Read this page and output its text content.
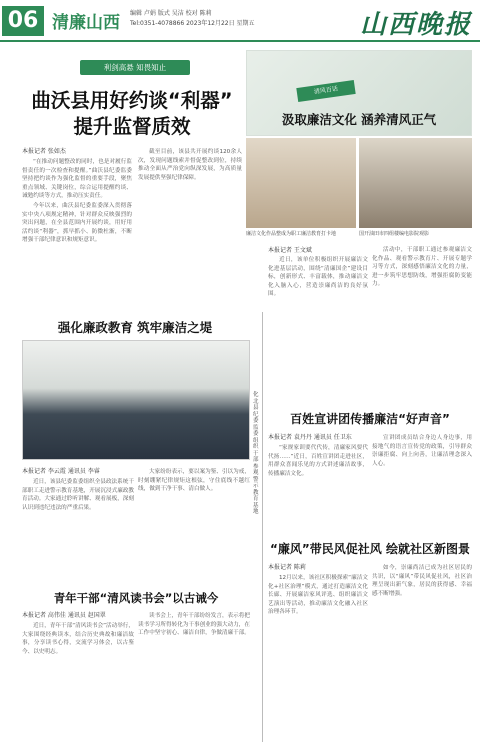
06 清廉山西 编辑 卢娟 版式 吴洁 校对 陈莉
Tel:0351-4078866 2023年12月22日 星期五	山西晚报
利剑高悬 知畏知止
曲沃县用好约谈“利器”
提升监督质效
本报记者 张如杰

“在推动问题整改的同时，也是对履行监督责任的一次检查和提醒。”曲沃县纪委监委坚持把约谈作为强化监督的重要手段，聚焦重点领域、关键岗位，综合运用提醒约谈、诫勉约谈等方式，推动压实责任。

今年以来，曲沃县纪委监委深入贯彻落实中央八项规定精神，针对群众反映强烈的突出问题，在全县范围内开展约谈，用好用活约谈“利器”，抓早抓小、防微杜渐，不断增强干部纪律意识和规矩意识。

截至目前，该县共开展约谈120余人次，发现问题线索并督促整改到位，持续推动全面从严治党向纵深发展，为高质量发展提供坚强纪律保障。

清风百话
汲取廉洁文化 涵养清风正气
廉洁文化作品整成为职工廉洁教育打卡地	国开油田市四组楼编电影院观影
本报记者 王文斌

近日，该单位积极组织开展廉洁文化进基层活动，围绕“清廉国企”建设目标，创新形式、丰富载体，推动廉洁文化入脑入心，营造崇廉尚洁的良好氛围。

活动中，干部职工通过参观廉洁文化作品、观看警示教育片、开展专题学习等方式，深刻感悟廉洁文化的力量，进一步筑牢思想防线，增强拒腐防变能力。

强化廉政教育 筑牢廉洁之堤
化北县纪委监委组织干部参观警示教育基地
本报记者 李云霞 通讯员 李睿

近日，该县纪委监委组织全县政法系统干部职工走进警示教育基地，开展沉浸式廉政教育活动。大家通过聆听讲解、观看展板，深刻认识到违纪违法的严重后果。

大家纷纷表示，要以案为鉴、引以为戒，时刻绷紧纪律规矩这根弦，守住底线不越红线，做到干净干事、清白做人。

百姓宣讲团传播廉洁“好声音”
本报记者 袁丹丹 通讯员 任卫东

“家规家训要代代传，清廉家风要代代扬……”近日，百姓宣讲团走进社区，用群众喜闻乐见的方式讲述廉洁故事，传播廉洁文化。

宣讲团成员结合身边人身边事，用接地气的语言宣传党的政策，引导群众崇廉拒腐、向上向善，让廉洁理念深入人心。

“廉风”带民风促社风 绘就社区新图景
本报记者 陈莉

12月以来，该社区积极探索“廉洁文化+社区治理”模式，通过打造廉洁文化长廊、开展廉洁家风评选、组织廉洁文艺演出等活动，推动廉洁文化融入社区治理各环节。

如今，崇廉尚洁已成为社区居民的共识，以“廉风”带民风促社风，社区治理呈现出新气象，居民的获得感、幸福感不断增强。

青年干部“清风读书会”以古诫今
本报记者 高伟佳 通讯员 赵国翠

近日，青年干部“清风读书会”活动举行，大家围绕经典读本，结合历史典故和廉洁故事，分享读书心得，交流学习体会，以古鉴今、以史明志。

读书会上，青年干部纷纷发言，表示将把读书学习所得转化为干事创业的强大动力，在工作中坚守初心、廉洁自律，争做清廉干部。
